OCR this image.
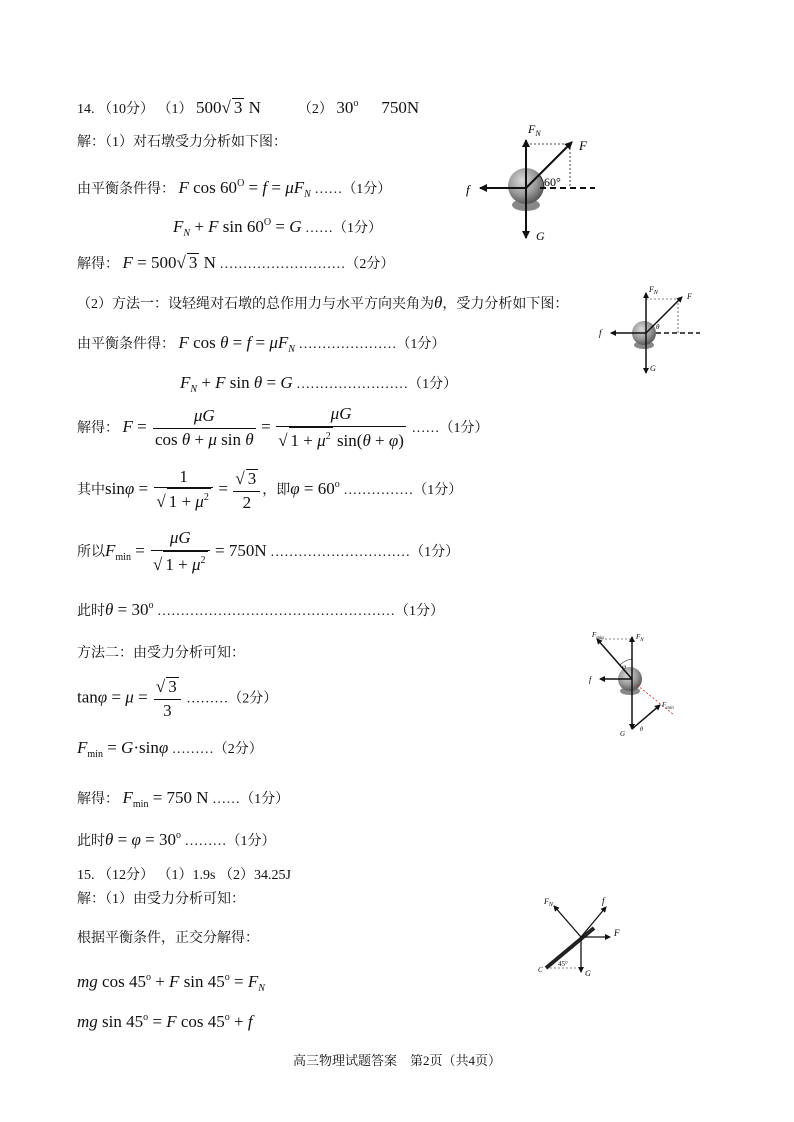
14. （10分） （1） 500√ 3 N	（2） 30$^o$ 750N
解：（1）对石墩受力分析如下图：
由平衡条件得： F $\cos 60^O = f = \mu F_N$ ……（1分）
$F_N + F$ $\sin 60^O = G$ ……（1分）
解得： F = 500√ 3 N ………………………（2分）
（2）方法一：设轻绳对石墩的总作用力与水平方向夹角为θ，受力分析如下图：
由平衡条件得： F $\cos \theta = f = \mu F_N$ …………………（1分）
$F_N + F$ sin θ = G ……………………（1分）
解得： $F = \frac{\mu G}{\text{cos θ + μ sin θ}} = \frac{\mu G}{√ 1 + \mu^2 \sin(\theta + \varphi)}$ ……（1分）
其中$\sin\varphi = \frac{1}{√ 1 + \mu^2} = \frac{√ 3}{2}$ ，即$\varphi = 60^o$ ……………（1分）
所以$F_{min} = \frac{\mu G}{√ 1 + \mu^2} = 750N$ …………………………（1分）
此时$\theta = 30^o$ ……………………………………………（1分）
方法二：由受力分析可知：
$\tan\varphi = \mu = \frac{√ 3}{3}$ ………（2分）
$F_{min} = G\cdot\sin\varphi$ ………（2分）
解得： $F_{min} = 750$ N ……（1分）
此时$\theta = \varphi = 30^o$ ………（1分）
15. （12分） （1）1.9s （2）34.25J
解：（1）由受力分析可知：
根据平衡条件，正交分解得：
mg $\cos 45^o + F$ $\sin 45^o = F_N$
mg $\sin 45^o = F$ $\cos 45^o + f$
$F_N$
F
f
G
60°
$F_N$	F
f
G
θ
$F_{min}$	$F_N$
f
G
φ
θ
$F_{min}$
$F_N$	f
F
G
C
45°
高三物理试题答案　第2页（共4页）
